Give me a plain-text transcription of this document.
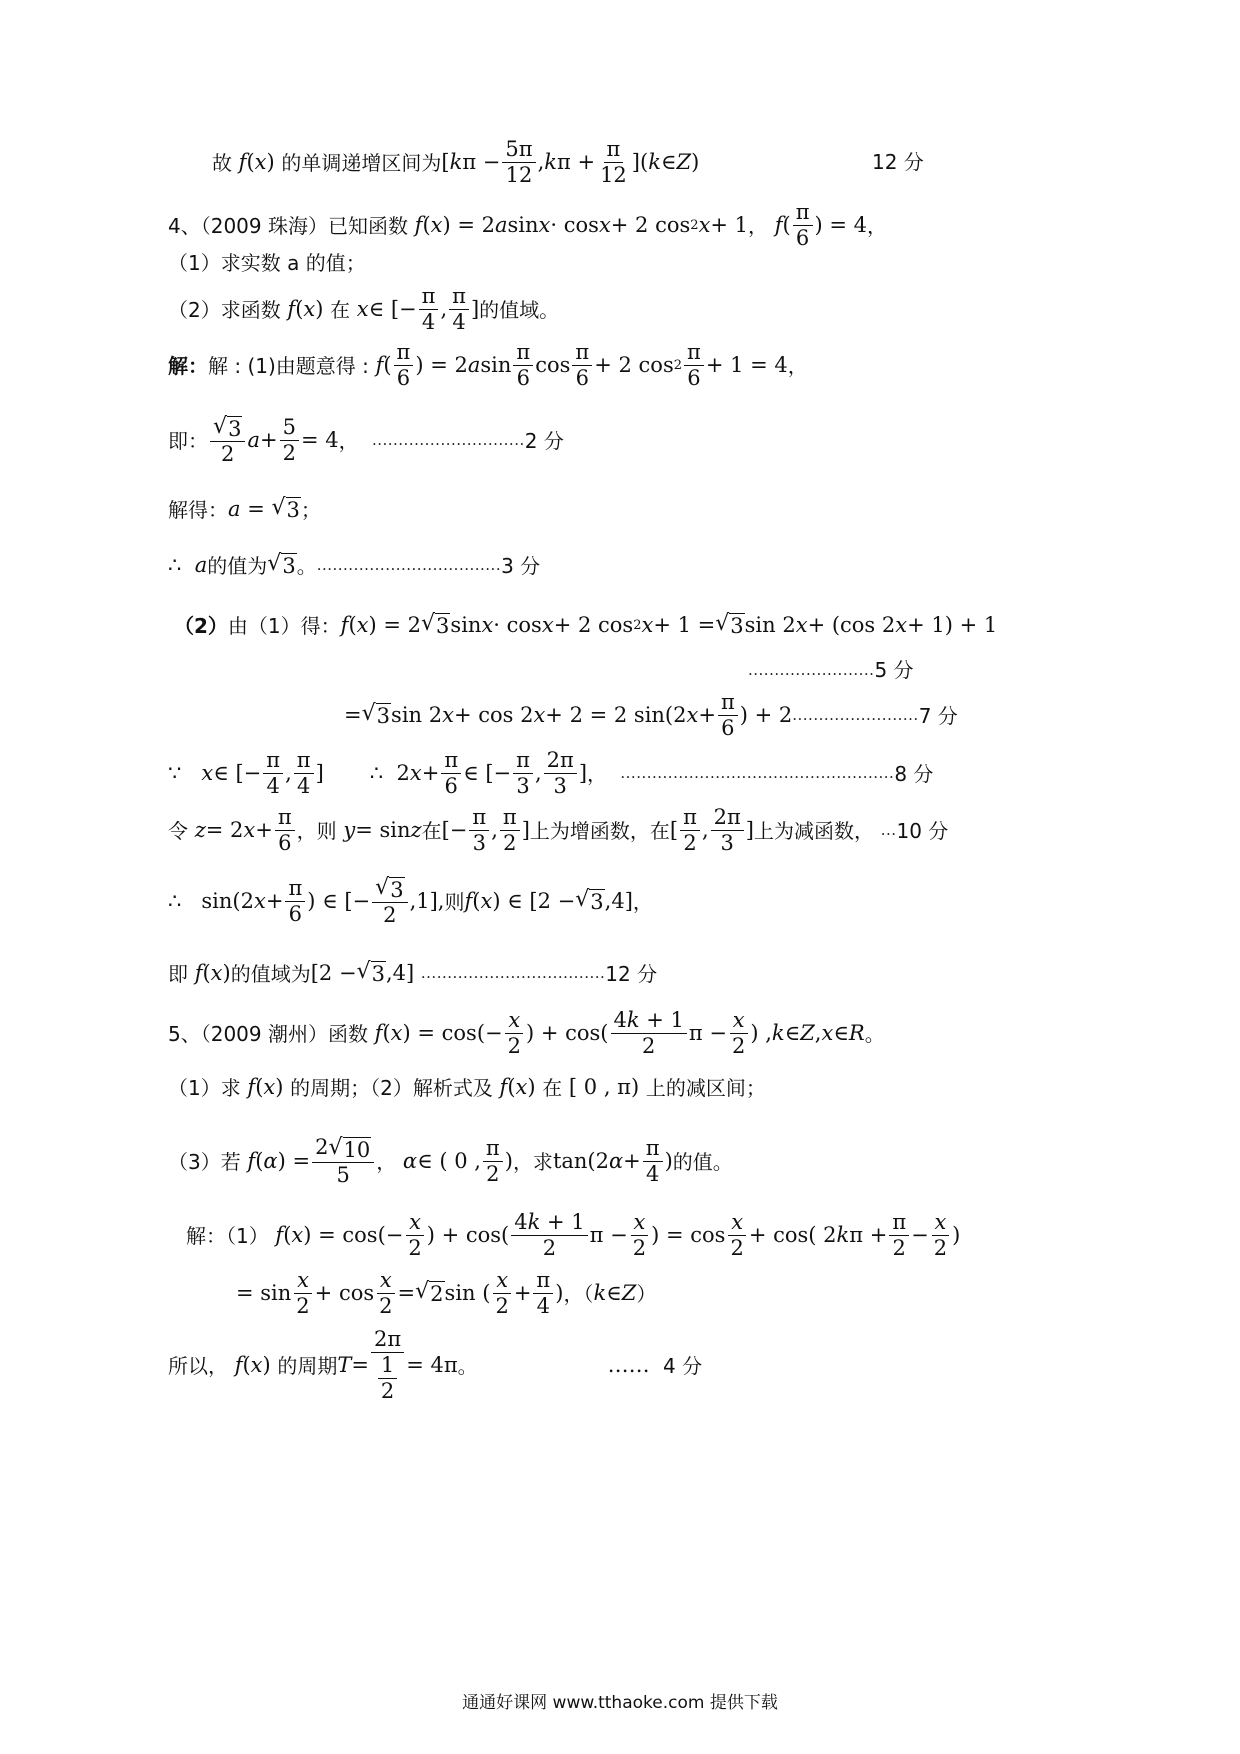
故 f ( x ) 的单调递增区间为 [ k $\pi - \frac{5\pi}{12}$ , k $\pi + \frac{\pi}{12}$ ]( k ∈ Z )	12 分
4、（2009 珠海）已知函数 f ( x ) = 2 a sin x · cos x + 2 cos 2 x + 1 ， f ( $\frac{\pi}{6}$ ) = 4 ，
（1）求实数 a 的值；
（2）求函数 f ( x ) 在
x ∈ [− $\frac{\pi}{4}$ , $\frac{\pi}{4}$ ] 的值域。
解： 解 : (1)由题意得 : f ( $\frac{\pi}{6}$ ) = 2 a $\sin \frac{\pi}{6}$ $\cos \frac{\pi}{6} + 2$ $\cos 2 \frac{\pi}{6} + 1 = 4$ ，
即： $\frac{√ 3}{2}$ $a + \frac{5}{2} = 4$ ，
............................. 2 分
解得： a = √ 3 ；
∴
a 的值为 √ 3 。 ................................... 3 分
（2） 由（1）得： f ( x ) = 2 √ 3 sin x · cos x + 2 cos 2 x + 1 = √ 3 sin 2 x + (cos 2 x + 1) + 1
........................ 5 分
= √ 3 sin 2 x + cos 2 x + 2 = 2 sin(2 $x + \frac{\pi}{6}$ ) + 2 ........................ 7 分
∵
x ∈ [− $\frac{\pi}{4}$ , $\frac{\pi}{4}$ ] ∴ 2 $x + \frac{\pi}{6}$ ∈ [− $\frac{\pi}{3}$ , $\frac{2\pi}{3}$ ] ，
.................................................... 8 分
令
z = 2 $x + \frac{\pi}{6}$ ，则
y = sin z 在 [− $\frac{\pi}{3}$ , $\frac{\pi}{2}$ ] 上为增函数，在 [ $\frac{\pi}{2}$ , $\frac{2\pi}{3}$ ] 上为减函数，
... 10 分
∴ sin(2 $x + \frac{\pi}{6}$ ) ∈ [− $\frac{√ 3}{2} ,1$], 则 f ( x ) ∈ [2 − √ 3 ,4] ，
即
f ( x ) 的值域为 [2 − √ 3 ,4] ................................... 12 分
5、（2009 潮州）函数
f ( x ) = $\cos(- \frac{x}{2}$ ) + $\cos( \frac{4k + 1}{2}$ $\pi - \frac{x}{2}$ ) , k ∈ Z , x ∈ R 。
（1）求
f ( x ) 的周期；（2）解析式及
f ( x ) 在 [ 0 , π) 上的减区间；
（3）若
f ( α ) = $\frac{2 √ 10}{5}$ ，
α ∈ ( 0 , $\frac{\pi}{2}$ ) ，求 tan(2 $\alpha + \frac{\pi}{4}$ ) 的值。
解：（1）
f ( x ) = $\cos(- \frac{x}{2}$ ) + $\cos( \frac{4k + 1}{2}$ $\pi - \frac{x}{2}$ ) = $\cos \frac{x}{2} + \cos$( 2 k $\pi + \frac{\pi}{2} - \frac{x}{2}$ )
= $\sin \frac{x}{2} + \cos \frac{x}{2}$ = √ 2 sin ( $\frac{x}{2} + \frac{\pi}{4}$ ) ，（ k ∈ Z ）
所以，
f ( x ) 的周期 $T = \frac{2\pi}{\frac{1}{2}} = 4\pi$ 。	……
4 分
通通好课网 www.tthaoke.com 提供下载
